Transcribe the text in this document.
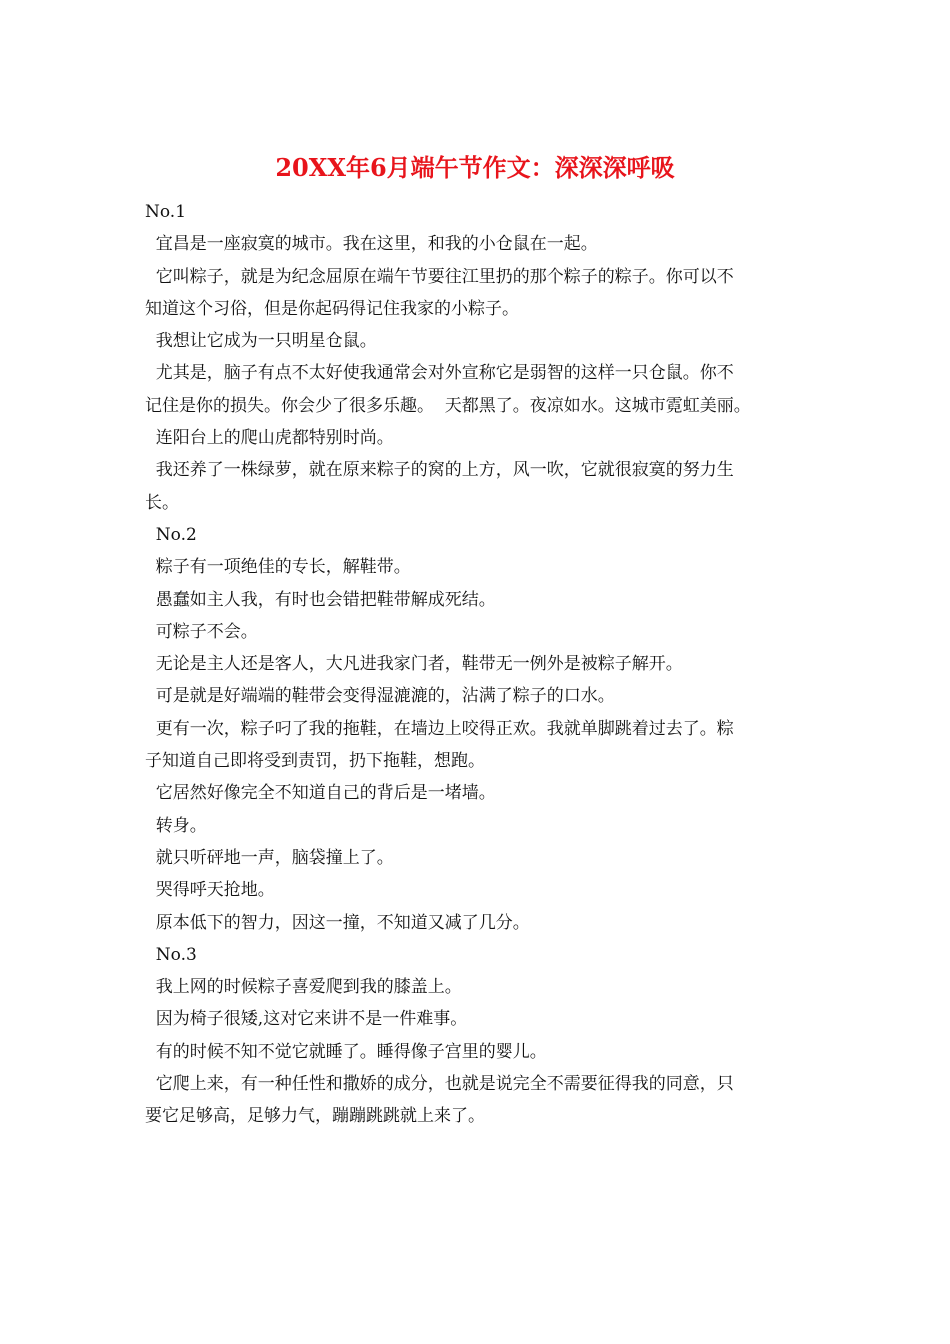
20XX年6月端午节作文：深深深呼吸

No.1

宜昌是一座寂寞的城市。我在这里，和我的小仓鼠在一起。

它叫粽子，就是为纪念屈原在端午节要往江里扔的那个粽子的粽子。你可以不

知道这个习俗，但是你起码得记住我家的小粽子。

我想让它成为一只明星仓鼠。

尤其是，脑子有点不太好使我通常会对外宣称它是弱智的这样一只仓鼠。你不

记住是你的损失。你会少了很多乐趣。  天都黑了。夜凉如水。这城市霓虹美丽。

连阳台上的爬山虎都特别时尚。

我还养了一株绿萝，就在原来粽子的窝的上方，风一吹，它就很寂寞的努力生

长。

No.2

粽子有一项绝佳的专长，解鞋带。

愚蠢如主人我，有时也会错把鞋带解成死结。

可粽子不会。

无论是主人还是客人，大凡进我家门者，鞋带无一例外是被粽子解开。

可是就是好端端的鞋带会变得湿漉漉的，沾满了粽子的口水。

更有一次，粽子叼了我的拖鞋，在墙边上咬得正欢。我就单脚跳着过去了。粽

子知道自己即将受到责罚，扔下拖鞋，想跑。

它居然好像完全不知道自己的背后是一堵墙。

转身。

就只听砰地一声，脑袋撞上了。

哭得呼天抢地。

原本低下的智力，因这一撞，不知道又减了几分。

No.3

我上网的时候粽子喜爱爬到我的膝盖上。

因为椅子很矮,这对它来讲不是一件难事。

有的时候不知不觉它就睡了。睡得像子宫里的婴儿。

它爬上来，有一种任性和撒娇的成分，也就是说完全不需要征得我的同意，只

要它足够高，足够力气，蹦蹦跳跳就上来了。
